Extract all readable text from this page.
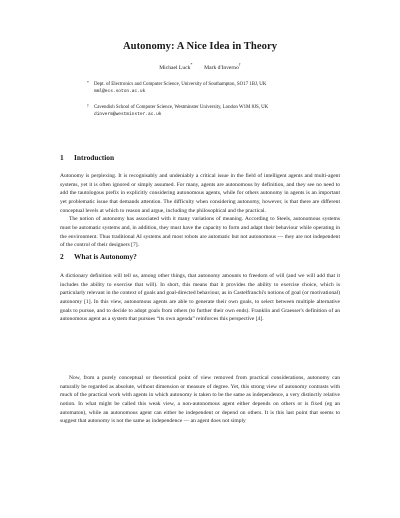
Autonomy: A Nice Idea in Theory
Michael Luck* Mark d'Inverno†
* Dept. of Electronics and Computer Science, University of Southampton, SO17 1BJ, UK
mml@ecs.soton.ac.uk
† Cavendish School of Computer Science, Westminster University, London W1M 8JS, UK
dinverm@westminster.ac.uk
1 Introduction

Autonomy is perplexing. It is recognisably and undeniably a critical issue in the field of intelligent agents and multi-agent systems, yet it is often ignored or simply assumed. For many, agents are autonomous by definition, and they see no need to add the tautologous prefix in explicitly considering autonomous agents, while for others autonomy in agents is an important yet problematic issue that demands attention. The difficulty when considering autonomy, however, is that there are different conceptual levels at which to reason and argue, including the philosophical and the practical.

The notion of autonomy has associated with it many variations of meaning. According to Steels, autonomous systems must be automatic systems and, in addition, they must have the capacity to form and adapt their behaviour while operating in the environment. Thus traditional AI systems and most robots are automatic but not autonomous — they are not independent of the control of their designers [7].

2 What is Autonomy?

A dictionary definition will tell us, among other things, that autonomy amounts to freedom of will (and we will add that it includes the ability to exercise that will). In short, this means that it provides the ability to exercise choice, which is particularly relevant in the context of goals and goal-directed behaviour, as in Castelfranchi's notions of goal (or motivational) autonomy [1]. In this view, autonomous agents are able to generate their own goals, to select between multiple alternative goals to pursue, and to decide to adopt goals from others (to further their own ends). Franklin and Graesser's definition of an autonomous agent as a system that pursues “its own agenda” reinforces this perspective [4].

Now, from a purely conceptual or theoretical point of view removed from practical considerations, autonomy can naturally be regarded as absolute, without dimension or measure of degree. Yet, this strong view of autonomy contrasts with much of the practical work with agents in which autonomy is taken to be the same as independence, a very distinctly relative notion. In what might be called this weak view, a non-autonomous agent either depends on others or is fixed (eg an automaton), while an autonomous agent can either be independent or depend on others. It is this last point that seems to suggest that autonomy is not the same as independence — an agent does not simply
